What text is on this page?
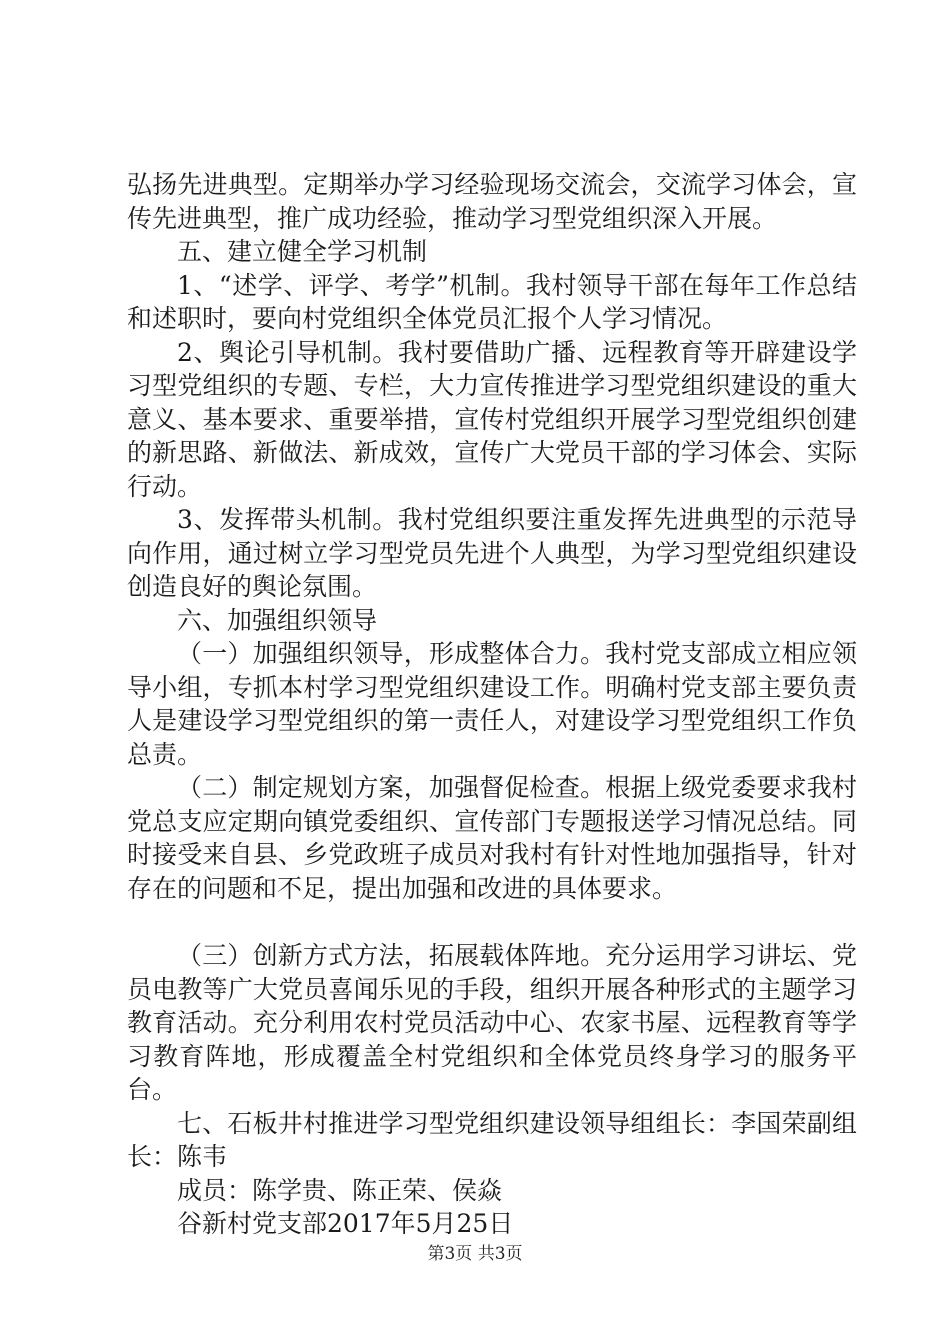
弘扬先进典型。定期举办学习经验现场交流会，交流学习体会，宣传先进典型，推广成功经验，推动学习型党组织深入开展。

五、建立健全学习机制

1、“述学、评学、考学”机制。我村领导干部在每年工作总结和述职时，要向村党组织全体党员汇报个人学习情况。

2、舆论引导机制。我村要借助广播、远程教育等开辟建设学习型党组织的专题、专栏，大力宣传推进学习型党组织建设的重大意义、基本要求、重要举措，宣传村党组织开展学习型党组织创建的新思路、新做法、新成效，宣传广大党员干部的学习体会、实际行动。

3、发挥带头机制。我村党组织要注重发挥先进典型的示范导向作用，通过树立学习型党员先进个人典型，为学习型党组织建设创造良好的舆论氛围。

六、加强组织领导

（一）加强组织领导，形成整体合力。我村党支部成立相应领导小组，专抓本村学习型党组织建设工作。明确村党支部主要负责人是建设学习型党组织的第一责任人，对建设学习型党组织工作负总责。

（二）制定规划方案，加强督促检查。根据上级党委要求我村党总支应定期向镇党委组织、宣传部门专题报送学习情况总结。同时接受来自县、乡党政班子成员对我村有针对性地加强指导，针对存在的问题和不足，提出加强和改进的具体要求。

（三）创新方式方法，拓展载体阵地。充分运用学习讲坛、党员电教等广大党员喜闻乐见的手段，组织开展各种形式的主题学习教育活动。充分利用农村党员活动中心、农家书屋、远程教育等学习教育阵地，形成覆盖全村党组织和全体党员终身学习的服务平台。

七、石板井村推进学习型党组织建设领导组组长：李国荣副组长：陈韦

成员：陈学贵、陈正荣、侯焱

谷新村党支部2017年5月25日

第3页 共3页
